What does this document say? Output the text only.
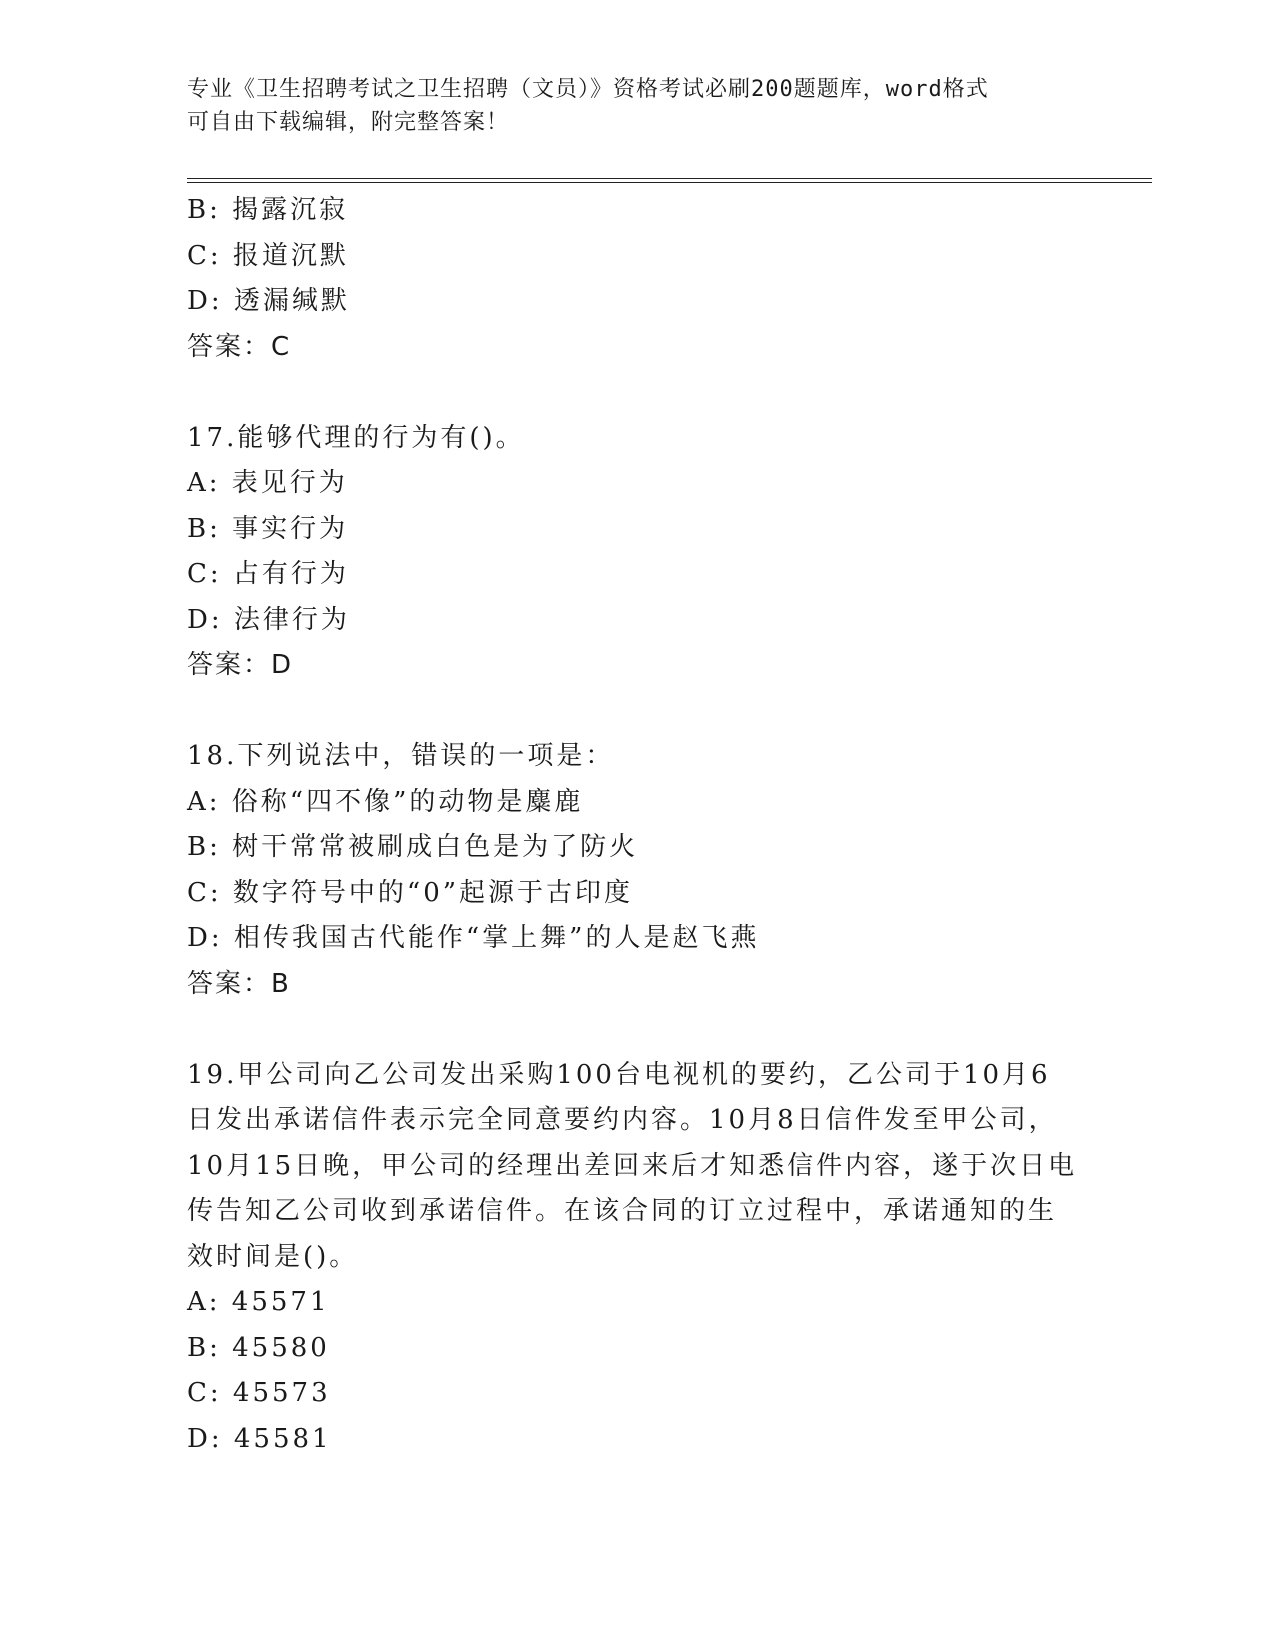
专业《卫生招聘考试之卫生招聘（文员）》资格考试必刷200题题库，word格式
可自由下载编辑，附完整答案！
B: 揭露沉寂
C: 报道沉默
D: 透漏缄默
答案：C
17.能够代理的行为有()。
A: 表见行为
B: 事实行为
C: 占有行为
D: 法律行为
答案：D
18.下列说法中，错误的一项是：
A: 俗称“四不像”的动物是麋鹿
B: 树干常常被刷成白色是为了防火
C: 数字符号中的“0”起源于古印度
D: 相传我国古代能作“掌上舞”的人是赵飞燕
答案：B
19.甲公司向乙公司发出采购100台电视机的要约，乙公司于10月6
日发出承诺信件表示完全同意要约内容。10月8日信件发至甲公司，
10月15日晚，甲公司的经理出差回来后才知悉信件内容，遂于次日电
传告知乙公司收到承诺信件。在该合同的订立过程中，承诺通知的生
效时间是()。
A: 45571
B: 45580
C: 45573
D: 45581
